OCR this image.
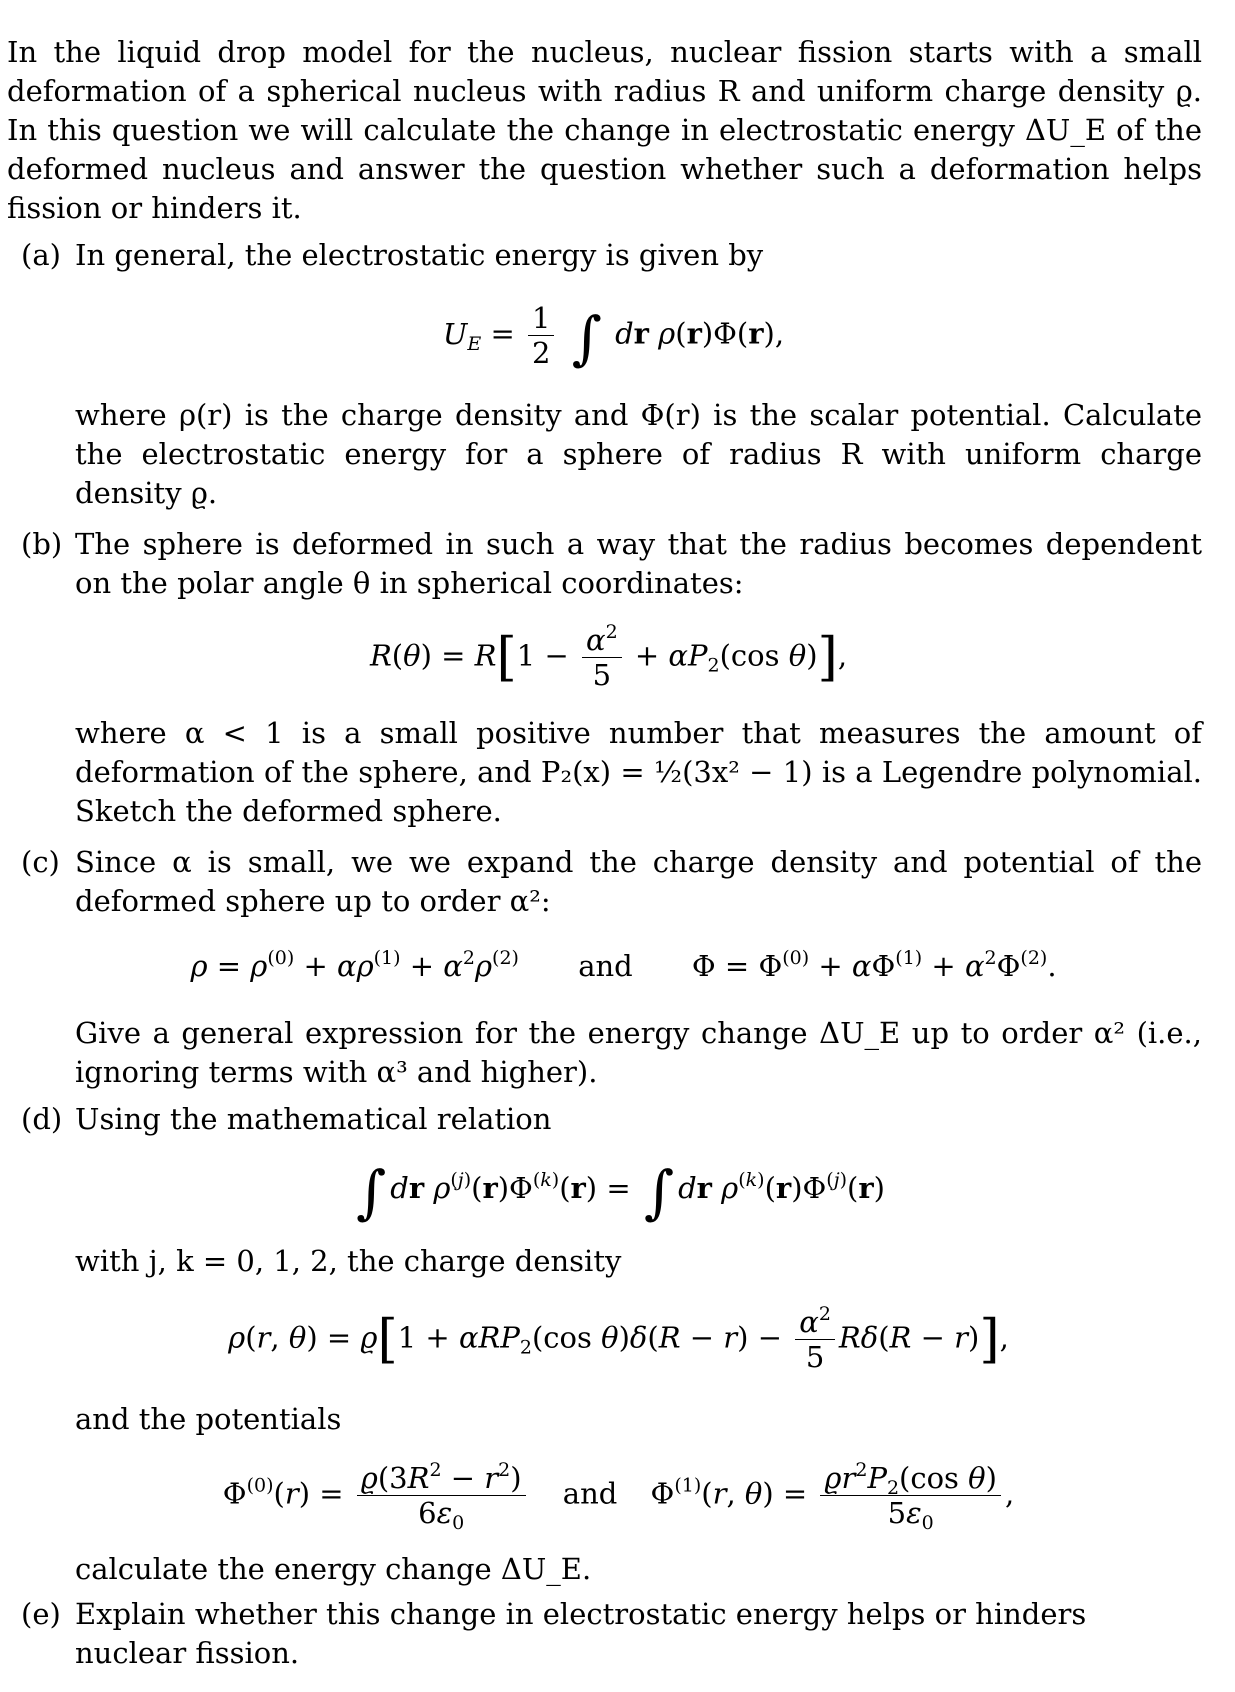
In the liquid drop model for the nucleus, nuclear fission starts with a small deformation of a spherical nucleus with radius R and uniform charge density ϱ. In this question we will calculate the change in electrostatic energy ΔU_E of the deformed nucleus and answer the question whether such a deformation helps fission or hinders it.

(a) In general, the electrostatic energy is given by

$U_E = \frac{1}{2}$ ∫ dr ρ(r)Φ(r),

where ρ(r) is the charge density and Φ(r) is the scalar potential. Calculate the electrostatic energy for a sphere of radius R with uniform charge density ϱ.

(b) The sphere is deformed in such a way that the radius becomes dependent on the polar angle θ in spherical coordinates:

$R(\theta) = R[1 - \frac{\alpha^2}{5} + \alpha P_2(\cos$ θ)],

where α < 1 is a small positive number that measures the amount of deformation of the sphere, and P₂(x) = ½(3x² − 1) is a Legendre polynomial. Sketch the deformed sphere.

(c) Since α is small, we we expand the charge density and potential of the deformed sphere up to order α²:

$\rho = \rho^{(0)} + \alpha\rho^{(1)} + \alpha^2\rho^{(2)}$ and $\Phi = \Phi^{(0)} + \alpha\Phi^{(1)} + \alpha^2\Phi^{(2)}$.

Give a general expression for the energy change ΔU_E up to order α² (i.e., ignoring terms with α³ and higher).

(d) Using the mathematical relation

∫ dr $\rho^{(j)}(r)\Phi^{(k)}(r)$ = ∫ dr $\rho^{(k)}(r)\Phi^{(j)}(r)$

with j, k = 0, 1, 2, the charge density

ρ(r, θ) = ϱ[1 + αRP$_2$(cos $\theta)\delta(R - r) - \frac{\alpha^2}{5} R\delta(R - r)$],

and the potentials

$\Phi^{(0)}(r) = \frac{ϱ(3R^2 - r^2)}{6\varepsilon_0}$ and $\Phi^{(1)}(r$, $\theta) = \frac{ϱr^2P_2(\cos \theta)}{5\varepsilon_0}$ ,

calculate the energy change ΔU_E.

(e) Explain whether this change in electrostatic energy helps or hinders nuclear fission.
